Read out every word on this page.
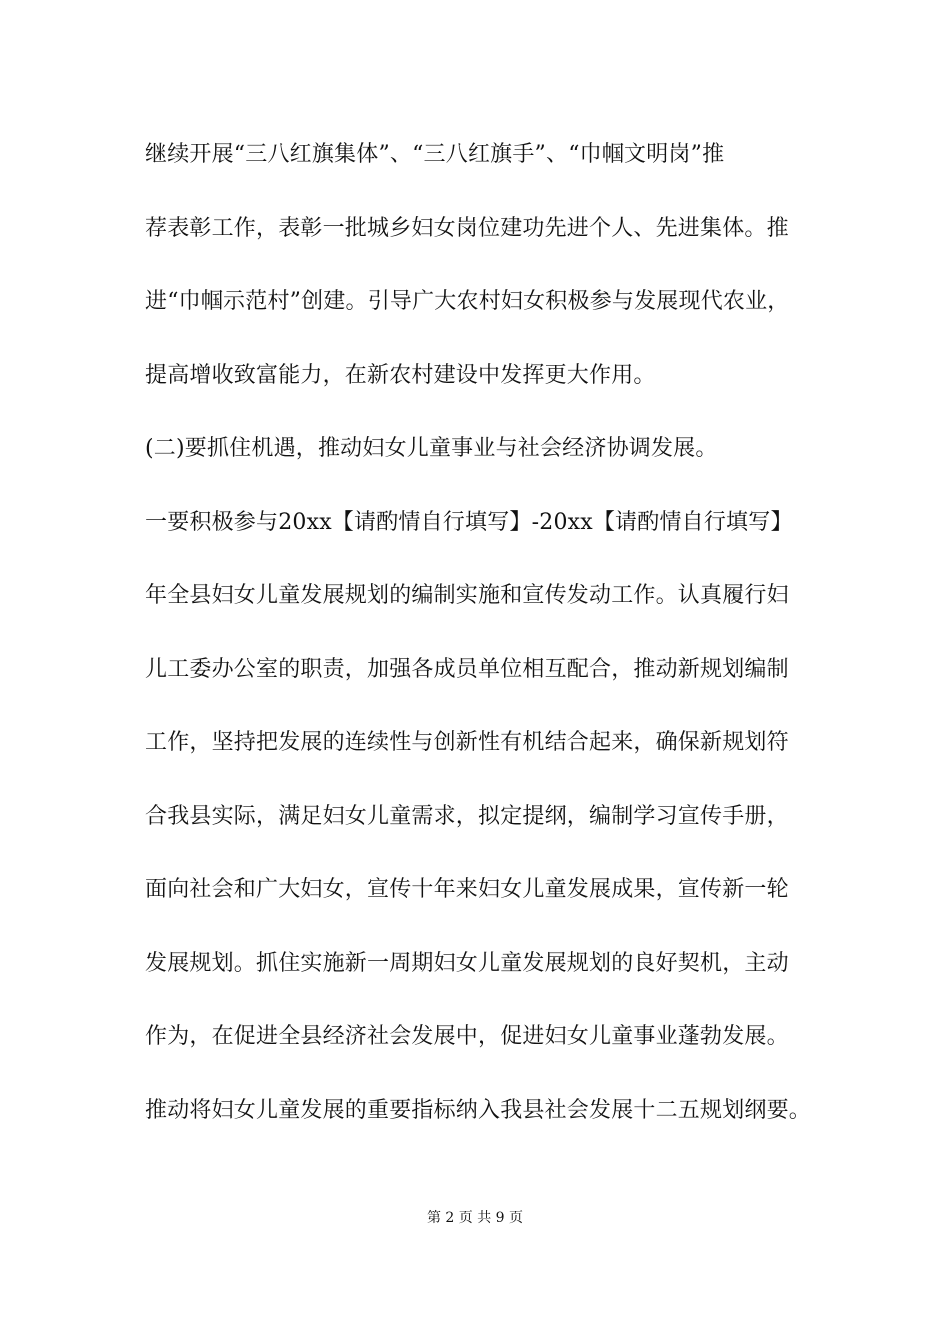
继续开展“三八红旗集体”、“三八红旗手”、“巾帼文明岗”推
荐表彰工作，表彰一批城乡妇女岗位建功先进个人、先进集体。推
进“巾帼示范村”创建。引导广大农村妇女积极参与发展现代农业，
提高增收致富能力，在新农村建设中发挥更大作用。
(二)要抓住机遇，推动妇女儿童事业与社会经济协调发展。
一要积极参与20xx【请酌情自行填写】-20xx【请酌情自行填写】
年全县妇女儿童发展规划的编制实施和宣传发动工作。认真履行妇
儿工委办公室的职责，加强各成员单位相互配合，推动新规划编制
工作，坚持把发展的连续性与创新性有机结合起来，确保新规划符
合我县实际，满足妇女儿童需求，拟定提纲，编制学习宣传手册，
面向社会和广大妇女，宣传十年来妇女儿童发展成果，宣传新一轮
发展规划。抓住实施新一周期妇女儿童发展规划的良好契机，主动
作为，在促进全县经济社会发展中，促进妇女儿童事业蓬勃发展。
推动将妇女儿童发展的重要指标纳入我县社会发展十二五规划纲要。
第 2 页 共 9 页
